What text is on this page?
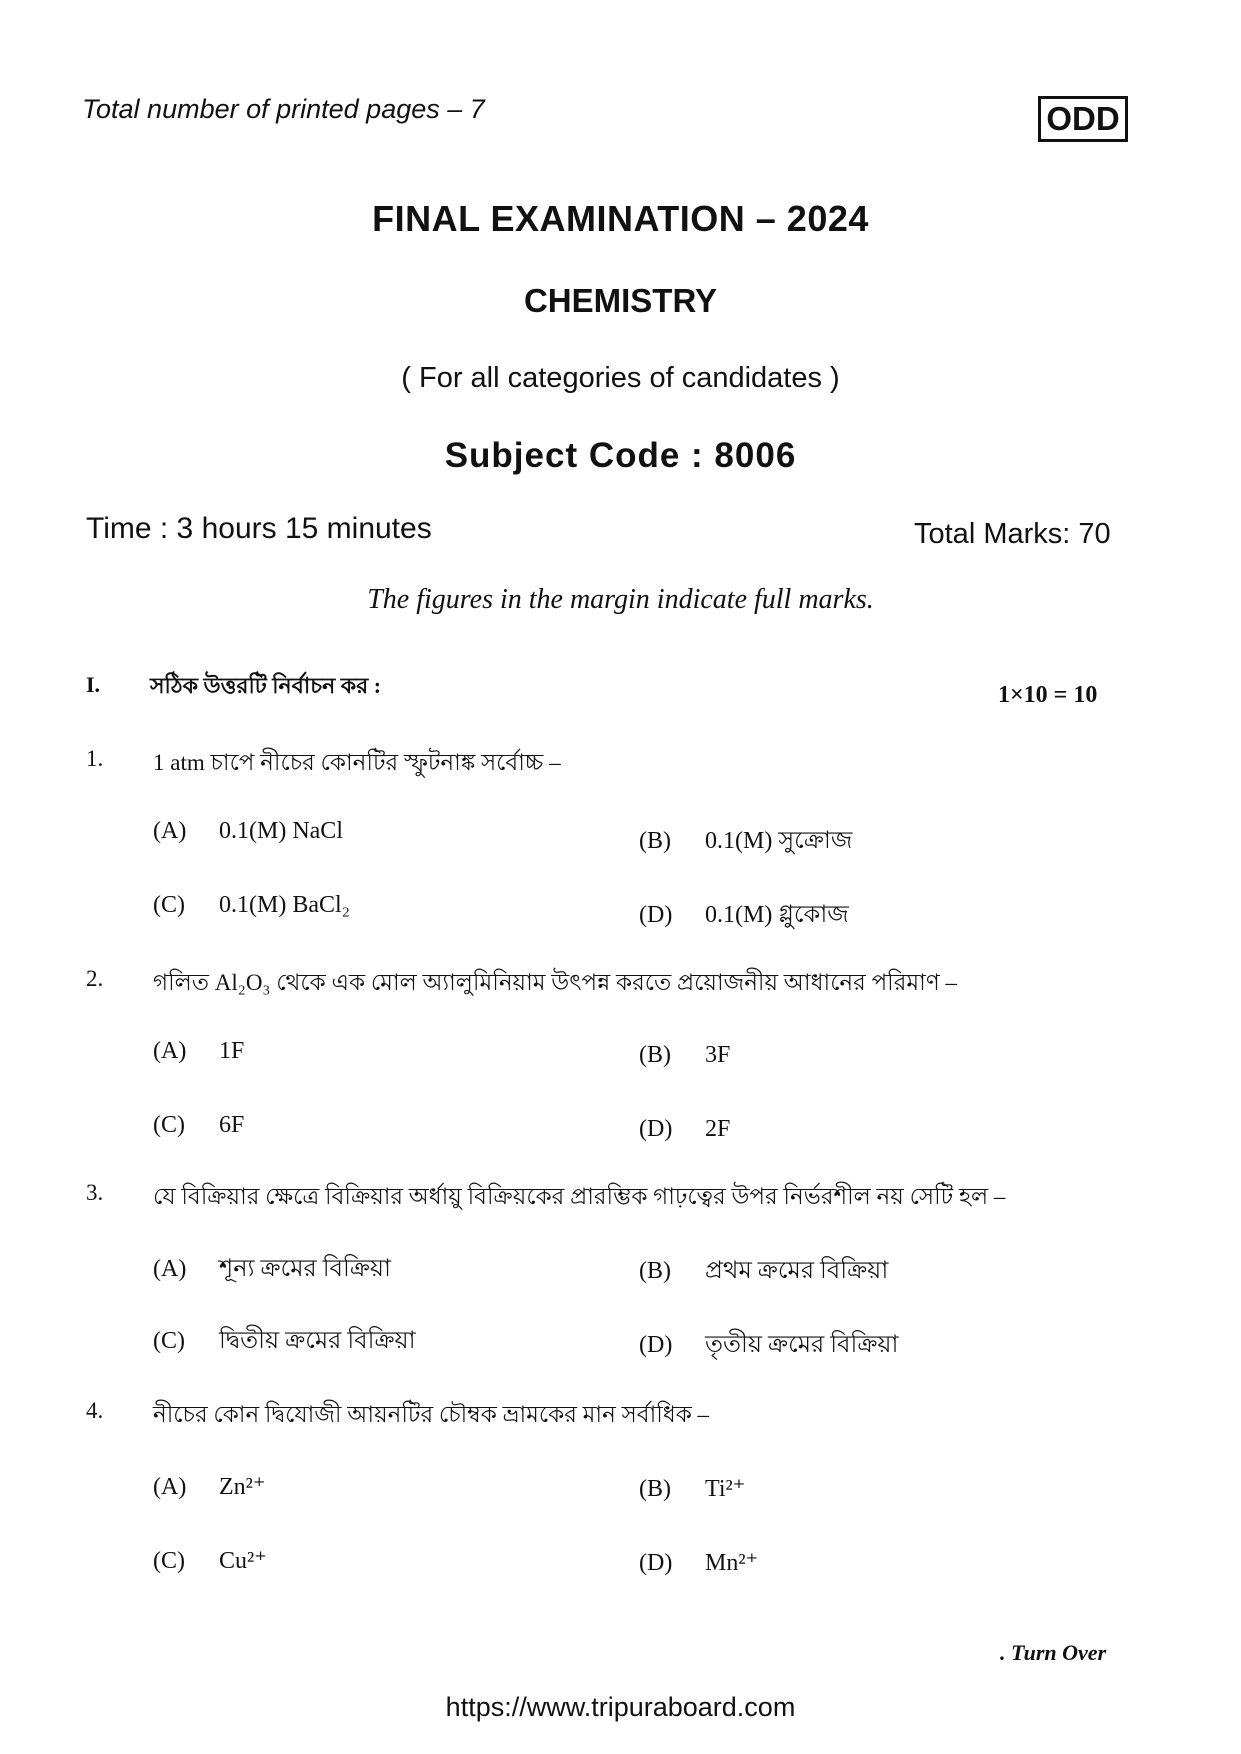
Total number of printed pages – 7	ODD
FINAL EXAMINATION – 2024
CHEMISTRY
( For all categories of candidates )
Subject Code : 8006
Time : 3 hours 15 minutes	Total Marks: 70
The figures in the margin indicate full marks.
I. সঠিক উত্তরটি নির্বাচন কর :	1×10 = 10
1. 1 atm চাপে নীচের কোনটির স্ফুটনাঙ্ক সর্বোচ্চ –
(A) 0.1(M) NaCl	(B) 0.1(M) সুক্রোজ
(C) 0.1(M) BaCl₂	(D) 0.1(M) গ্লুকোজ
2. গলিত Al₂O₃ থেকে এক মোল অ্যালুমিনিয়াম উৎপন্ন করতে প্রয়োজনীয় আধানের পরিমাণ –
(A) 1F	(B) 3F
(C) 6F	(D) 2F
3. যে বিক্রিয়ার ক্ষেত্রে বিক্রিয়ার অর্ধায়ু বিক্রিয়কের প্রারম্ভিক গাঢ়ত্বের উপর নির্ভরশীল নয় সেটি হল –
(A) শূন্য ক্রমের বিক্রিয়া	(B) প্রথম ক্রমের বিক্রিয়া
(C) দ্বিতীয় ক্রমের বিক্রিয়া	(D) তৃতীয় ক্রমের বিক্রিয়া
4. নীচের কোন দ্বিযোজী আয়নটির চৌম্বক ভ্রামকের মান সর্বাধিক –
(A) Zn²⁺	(B) Ti²⁺
(C) Cu²⁺	(D) Mn²⁺
. Turn Over
https://www.tripuraboard.com
